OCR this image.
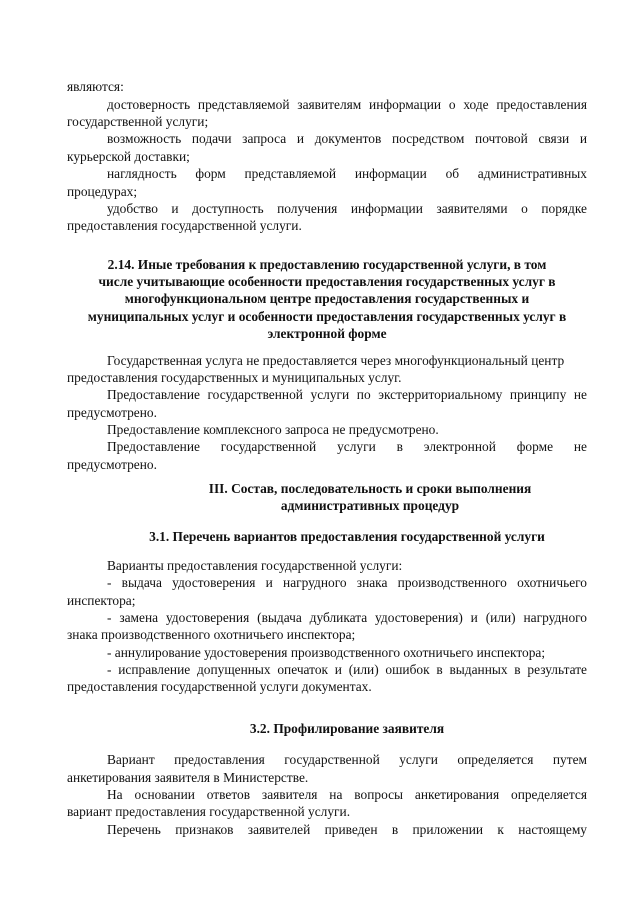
являются:
достоверность представляемой заявителям информации о ходе предоставления
государственной услуги;
возможность подачи запроса и документов посредством почтовой связи и
курьерской доставки;
наглядность форм представляемой информации об административных
процедурах;
удобство и доступность получения информации заявителями о порядке
предоставления государственной услуги.
2.14. Иные требования к предоставлению государственной услуги, в том
числе учитывающие особенности предоставления государственных услуг в
многофункциональном центре предоставления государственных и
муниципальных услуг и особенности предоставления государственных услуг в
электронной форме
Государственная услуга не предоставляется через многофункциональный центр
предоставления государственных и муниципальных услуг.
Предоставление государственной услуги по экстерриториальному принципу не
предусмотрено.
Предоставление комплексного запроса не предусмотрено.
Предоставление государственной услуги в электронной форме не
предусмотрено.
III. Состав, последовательность и сроки выполнения
административных процедур
3.1. Перечень вариантов предоставления государственной услуги
Варианты предоставления государственной услуги:
- выдача удостоверения и нагрудного знака производственного охотничьего
инспектора;
- замена удостоверения (выдача дубликата удостоверения) и (или) нагрудного
знака производственного охотничьего инспектора;
- аннулирование удостоверения производственного охотничьего инспектора;
- исправление допущенных опечаток и (или) ошибок в выданных в результате
предоставления государственной услуги документах.
3.2. Профилирование заявителя
Вариант предоставления государственной услуги определяется путем
анкетирования заявителя в Министерстве.
На основании ответов заявителя на вопросы анкетирования определяется
вариант предоставления государственной услуги.
Перечень признаков заявителей приведен в приложении к настоящему
